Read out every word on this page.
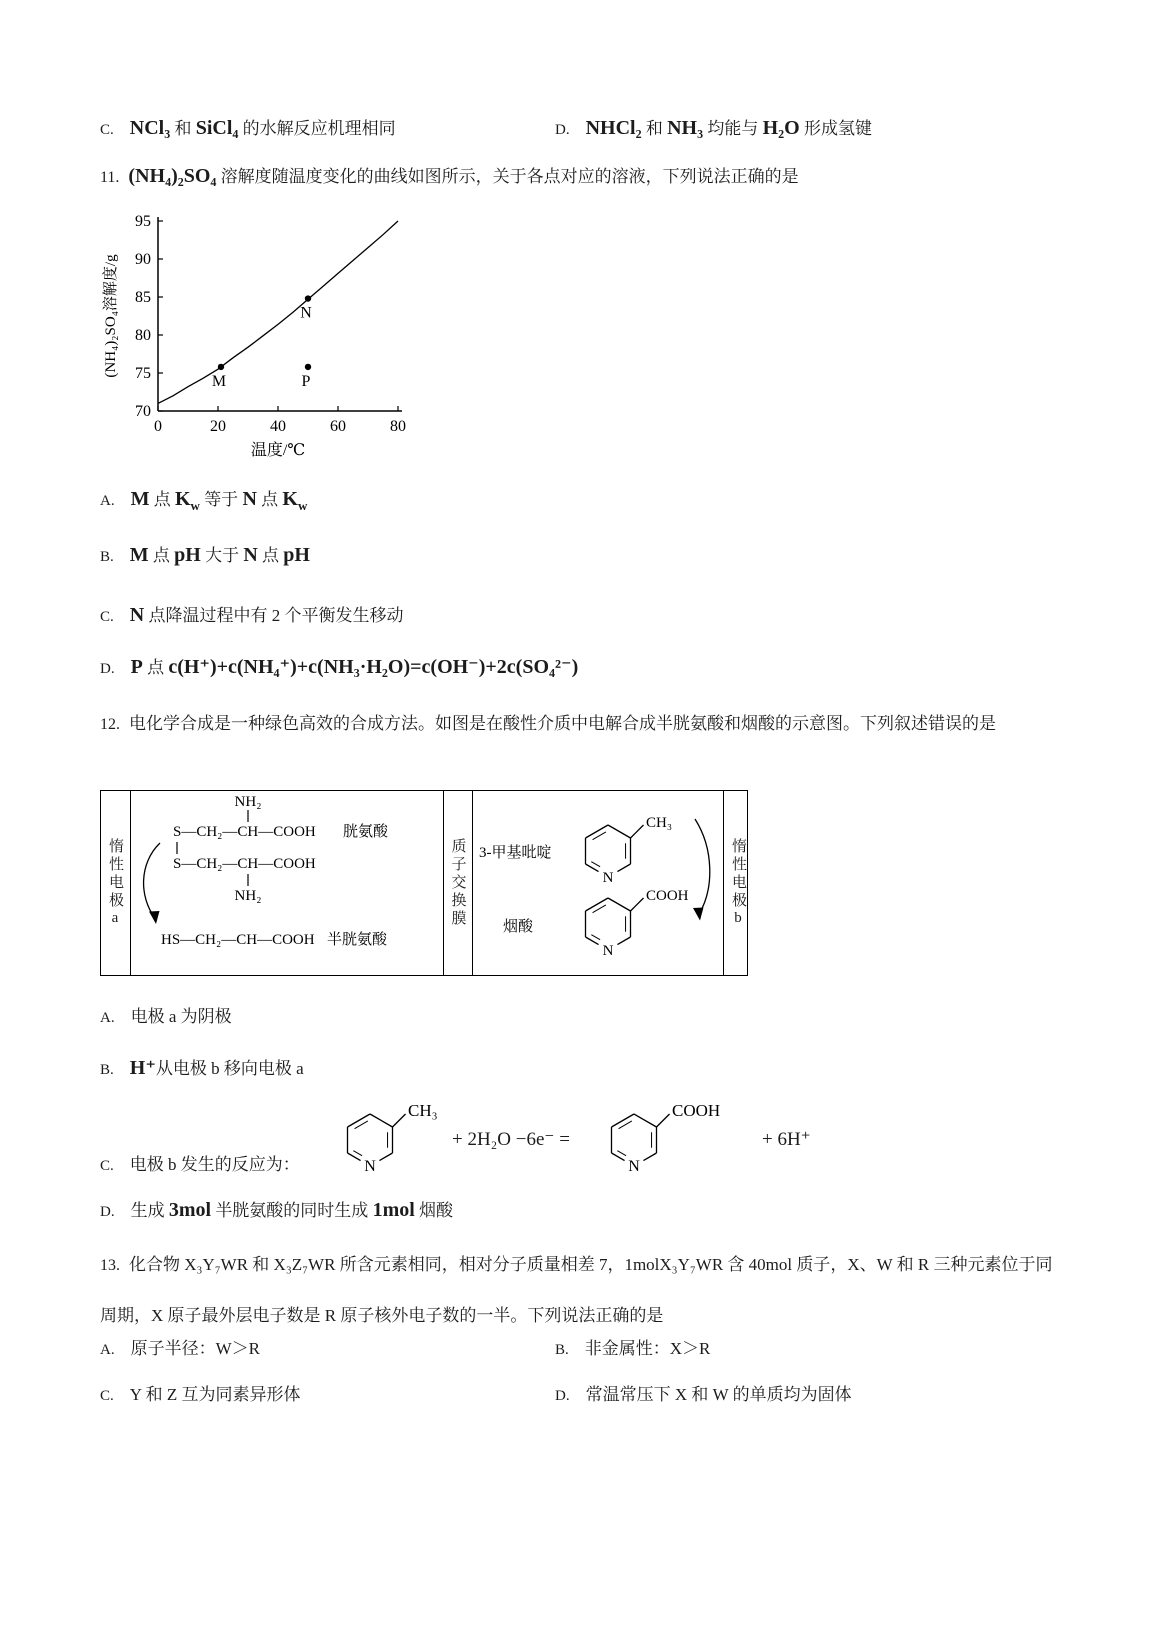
C. NCl₃ 和 SiCl₄ 的水解反应机理相同	D. NHCl₂ 和 NH₃ 均能与 H₂O 形成氢键
11. (NH₄)₂SO₄ 溶解度随温度变化的曲线如图所示，关于各点对应的溶液，下列说法正确的是
70
75
80
85
90
95
0	20	40	60	80
M
N
P
温度/℃
(NH₄)₂SO₄溶解度/g
A. M 点 $K_w$ 等于 N 点 $K_w$
B. M 点 pH 大于 N 点 pH
C. N 点降温过程中有 2 个平衡发生移动
D. P 点 c(H⁺)+c(NH₄⁺)+c(NH₃·H₂O)=c(OH⁻)+2c(SO₄²⁻)
12. 电化学合成是一种绿色高效的合成方法。如图是在酸性介质中电解合成半胱氨酸和烟酸的示意图。下列叙述错误的是
惰性电极a
NH₂
S—CH₂—CH—COOH 胱氨酸
S—CH₂—CH—COOH
NH₂
HS—CH₂—CH—COOH 半胱氨酸
质子交换膜 3-甲基吡啶
CH₃
N
烟酸
COOH
N
惰性电极b
A. 电极 a 为阴极
B. H⁺从电极 b 移向电极 a
C. 电极 b 发生的反应为：
CH₃
N
+ 2H₂O −6e⁻ =
COOH
N
+ 6H⁺
D. 生成 3mol 半胱氨酸的同时生成 1mol 烟酸
13. 化合物 X₃Y₇WR 和 X₃Z₇WR 所含元素相同，相对分子质量相差 7，1molX₃Y₇WR 含 40mol 质子，X、W 和 R 三种元素位于同周期，X 原子最外层电子数是 R 原子核外电子数的一半。下列说法正确的是
A. 原子半径：W＞R	B. 非金属性：X＞R
C. Y 和 Z 互为同素异形体	D. 常温常压下 X 和 W 的单质均为固体
